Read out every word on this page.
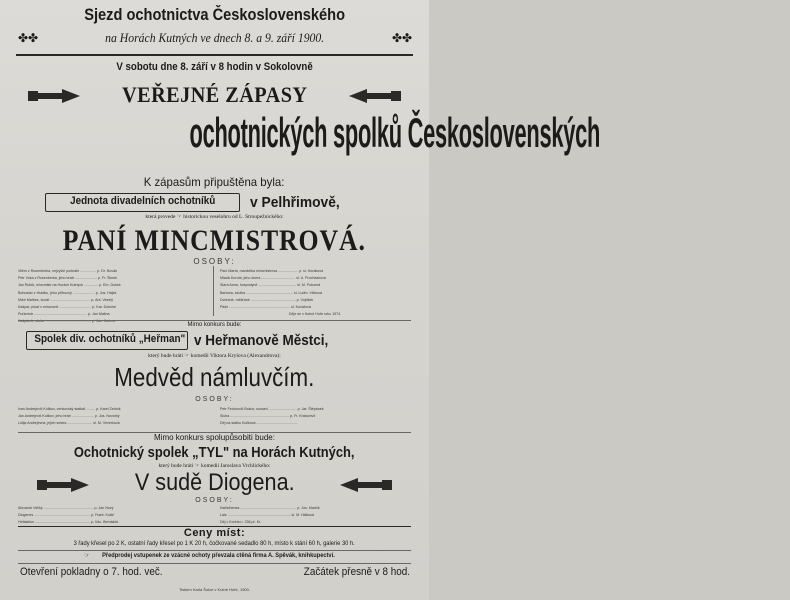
Sjezd ochotnictva Československého
✤✤	na Horách Kutných ve dnech 8. a 9. září 1900.	✤✤
V sobotu dne 8. září v 8 hodin v Sokolovně
VEŘEJNÉ ZÁPASY
ochotnických spolků Československých
K zápasům připuštěna byla:
Jednota divadelních ochotníků	v Pelhřimově,
která provede ☞ historickou veselohru od L. Stroupežnického:
PANÍ MINCMISTROVÁ.
OSOBY:
Vilém z Rosenberka, nejvyšší purkrabí ................ p. Dr. Novák
Petr Voka z Rosenberka, jeho bratr ...................... p. Fr. Šimek
Jan Rubík, mincmistr na Horách Kutných .............. p. Em. Dušek
Bohuslav z Hrádku, jeho příbuzný ...................... p. Jos. Hájek
Mistr Mathes, kovář ........................................ p. Ant. Veselý
Kašpar, písař v mincovně ................................ p. Kar. Doležal
Purkmistr ..................................................... p. Jan Malina
Kašpárek, sluha .............................................. p. Vác. Kučera
Paní Marta, manželka mincmistrova .................... p. sl. Horáková
Mladá Dorota, jeho dcera .................................. sl. A. Procházková
Stará Anna, hospodyně ...................................... sl. M. Pokorná
Barbora, služka ............................................... sl. Ludm. Vlčková
Dvořané, měšťané ............................................. p. Vojtíšek
Páže ............................................................. sl. Kovářová
Děje se v Kutné Hoře roku 1574.
Mimo konkurs bude:
Spolek div. ochotníků „Heřman" v Heřmanově Městci,
který bude hráti ☞ komedii Viktora Krylova (Alexandrova):
Medvěd námluvčím.
OSOBY:
Ivan Andrejevič Kulikov, venkovský statkář ......... p. Karel Zedník
Jan Andrejevič Kulikov, jeho bratr ...................... p. Jos. Novotný
Lidija Andrejevna, jejich sestra ......................... sl. M. Veverková
Petr Fedorovič Bokov, soused ............................ p. Jar. Štěpánek
Sluha ........................................................... p. Fr. Kratochvíl
Děj na statku Kulikova .........................................
Mimo konkurs spolupůsobiti bude:
Ochotnický spolek „TYL" na Horách Kutných,
který bude hráti ☞ komedii Jaroslava Vrchlického:
V sudě Diogena.
OSOBY:
Alexandr Veliký .................................................. p. Jan Nový
Diogenes ........................................................ p. Frant. Kolář
Hefaistion ....................................................... p. Vác. Bernášek
Kallisthenes ........................................................ p. Jos. Maršík
Lais ............................................................... sl. M. Hálková
Děj v Korintu r. 336 př. Kr.
Ceny míst:
3 řady křesel po 2 K, ostatní řady křesel po 1 K 20 h, čočkované sedadlo 80 h, místo k stání 60 h, galerie 30 h.
☞ Předprodej vstupenek ze vzácné ochoty převzala ctěná firma A. Spěvák, knihkupectví.
Otevření pokladny o 7. hod. več.	Začátek přesně v 8 hod.
Tiskem Karla Šolce v Kutné Hoře, 1900.
